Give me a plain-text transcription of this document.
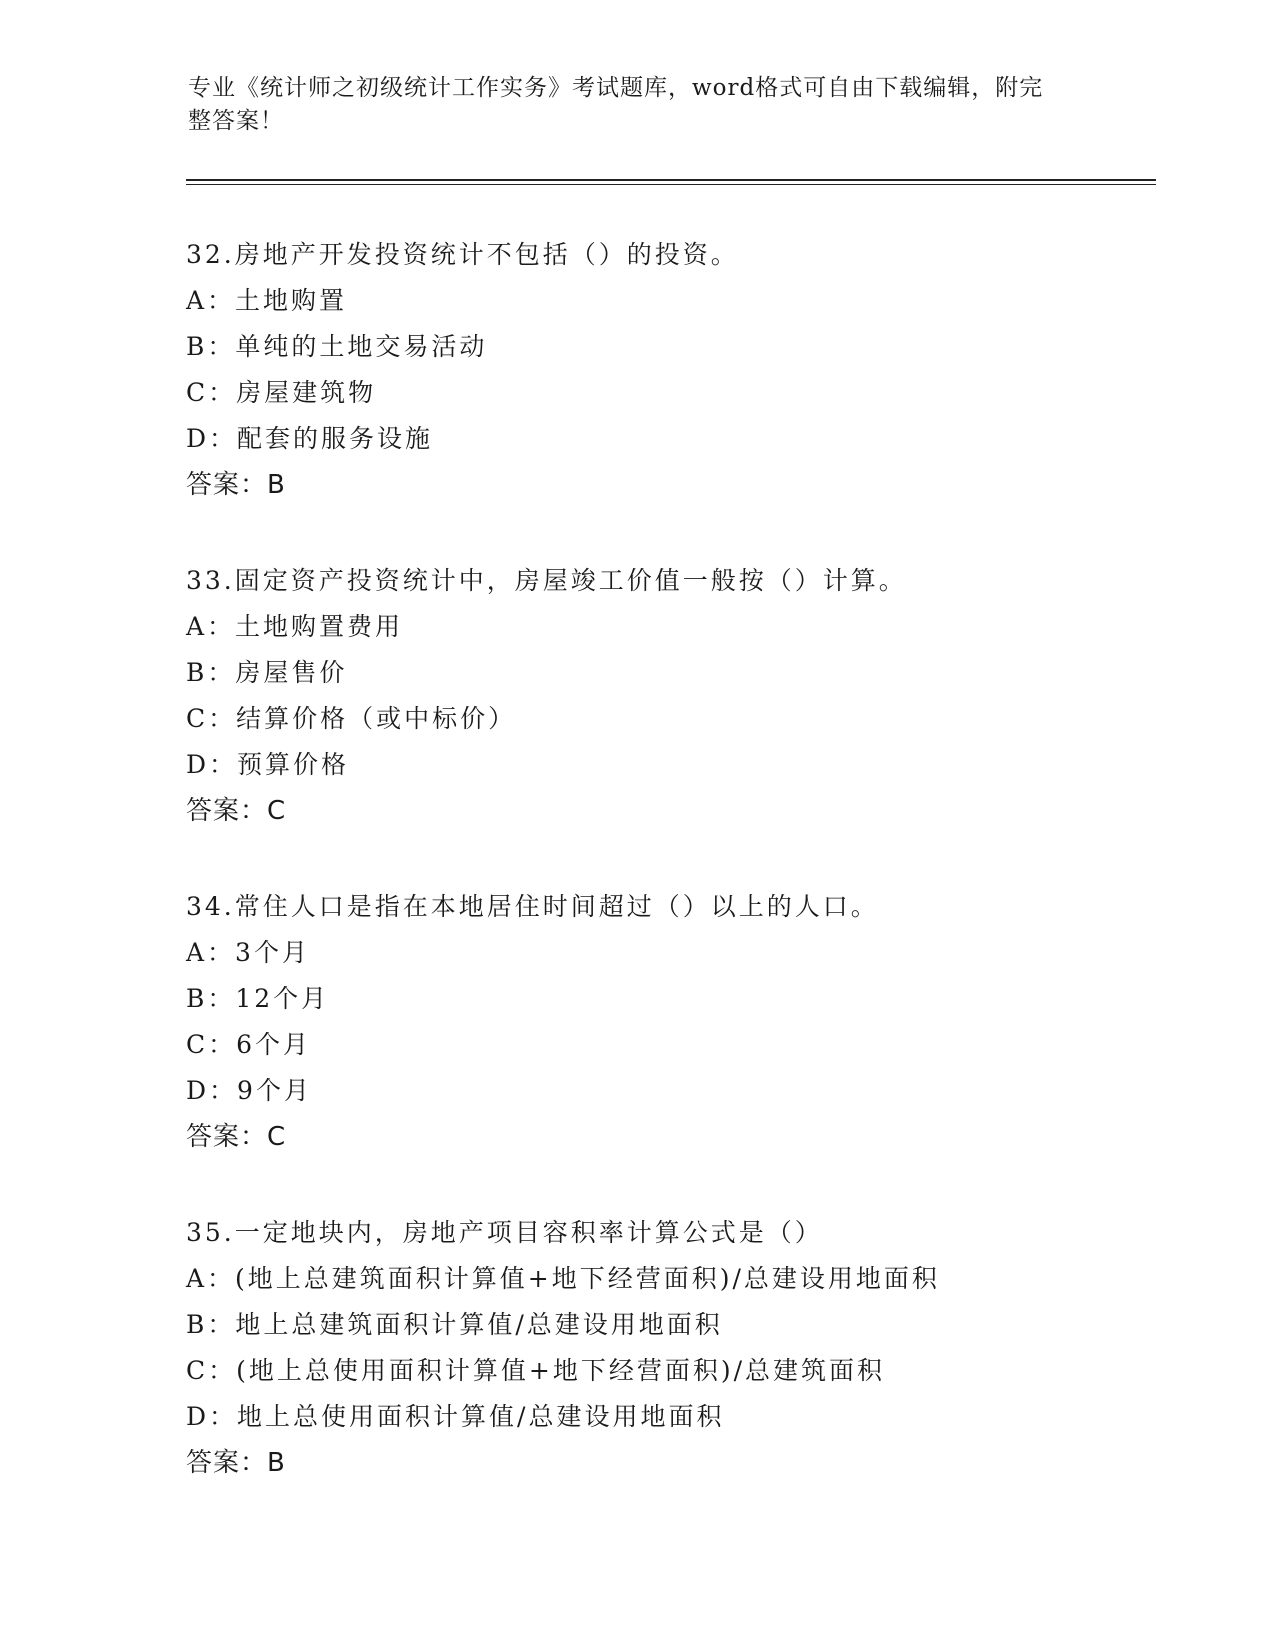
专业《统计师之初级统计工作实务》考试题库，word格式可自由下载编辑，附完
整答案！
32.房地产开发投资统计不包括（）的投资。
A：土地购置
B：单纯的土地交易活动
C：房屋建筑物
D：配套的服务设施
答案：B
33.固定资产投资统计中，房屋竣工价值一般按（）计算。
A：土地购置费用
B：房屋售价
C：结算价格（或中标价）
D：预算价格
答案：C
34.常住人口是指在本地居住时间超过（）以上的人口。
A：3个月
B：12个月
C：6个月
D：9个月
答案：C
35.一定地块内，房地产项目容积率计算公式是（）
A：(地上总建筑面积计算值+地下经营面积)/总建设用地面积
B：地上总建筑面积计算值/总建设用地面积
C：(地上总使用面积计算值+地下经营面积)/总建筑面积
D：地上总使用面积计算值/总建设用地面积
答案：B
